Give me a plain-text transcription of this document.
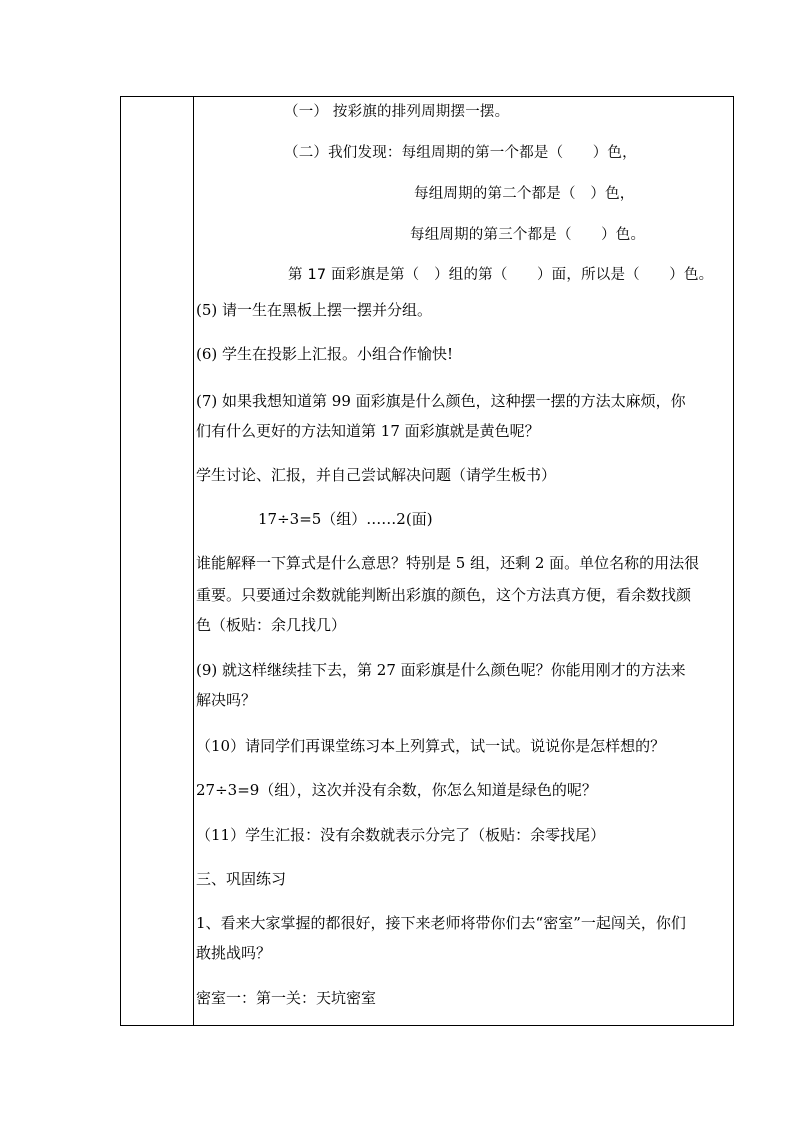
（一） 按彩旗的排列周期摆一摆。
（二）我们发现：每组周期的第一个都是（　　）色，
每组周期的第二个都是（　）色，
每组周期的第三个都是（　　）色。
第 17 面彩旗是第（　）组的第（　　）面，所以是（　　）色。
(5) 请一生在黑板上摆一摆并分组。
(6) 学生在投影上汇报。小组合作愉快!
(7) 如果我想知道第 99 面彩旗是什么颜色，这种摆一摆的方法太麻烦，你
们有什么更好的方法知道第 17 面彩旗就是黄色呢？
学生讨论、汇报，并自己尝试解决问题（请学生板书）
17÷3=5（组）……2(面)
谁能解释一下算式是什么意思？特别是 5 组，还剩 2 面。单位名称的用法很
重要。只要通过余数就能判断出彩旗的颜色，这个方法真方便，看余数找颜
色（板贴：余几找几）
(9) 就这样继续挂下去，第 27 面彩旗是什么颜色呢？你能用刚才的方法来
解决吗？
（10）请同学们再课堂练习本上列算式，试一试。说说你是怎样想的？
27÷3=9（组），这次并没有余数，你怎么知道是绿色的呢？
（11）学生汇报：没有余数就表示分完了（板贴：余零找尾）
三、巩固练习
1、看来大家掌握的都很好，接下来老师将带你们去“密室”一起闯关，你们
敢挑战吗？
密室一：第一关：天坑密室
